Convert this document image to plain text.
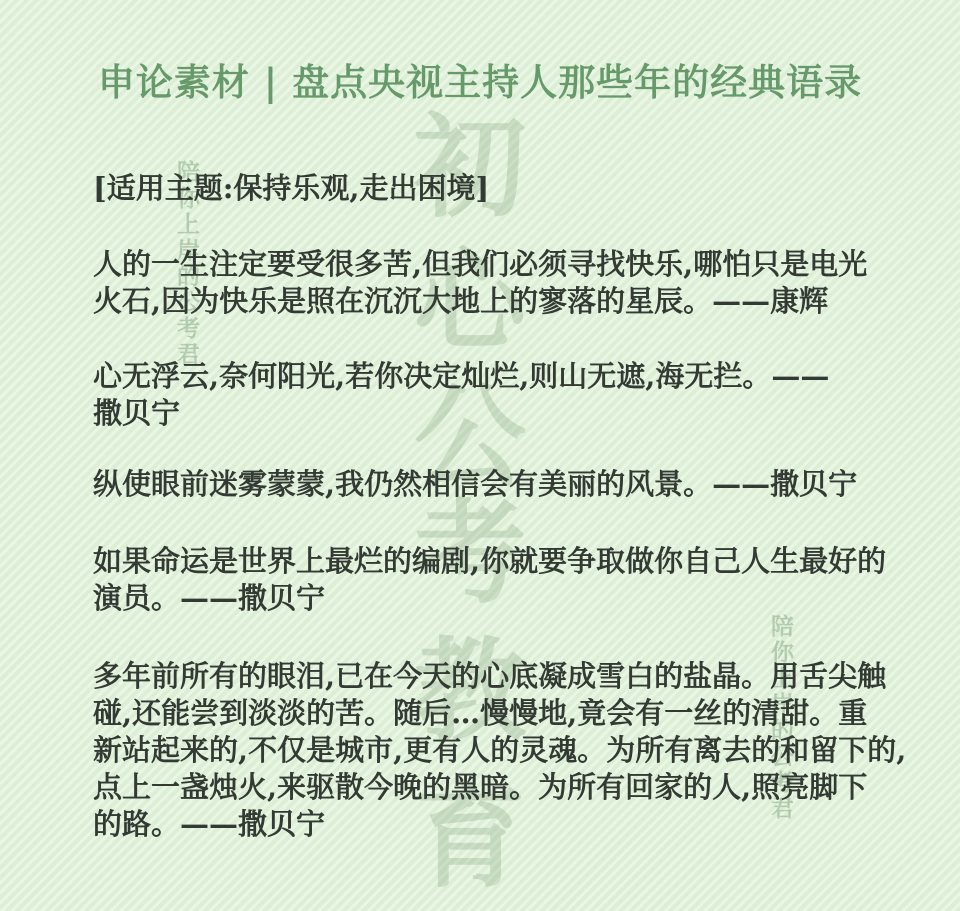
初
心
公
考
教
育
陪你上岸的公考君
陪你上岸的公考君
申论素材 | 盘点央视主持人那些年的经典语录
[适用主题:保持乐观,走出困境]
人的一生注定要受很多苦,但我们必须寻找快乐,哪怕只是电光
火石,因为快乐是照在沉沉大地上的寥落的星辰。——康辉
心无浮云,奈何阳光,若你决定灿烂,则山无遮,海无拦。——
撒贝宁
纵使眼前迷雾蒙蒙,我仍然相信会有美丽的风景。——撒贝宁
如果命运是世界上最烂的编剧,你就要争取做你自己人生最好的
演员。——撒贝宁
多年前所有的眼泪,已在今天的心底凝成雪白的盐晶。用舌尖触
碰,还能尝到淡淡的苦。随后…慢慢地,竟会有一丝的清甜。重
新站起来的,不仅是城市,更有人的灵魂。为所有离去的和留下的,
点上一盏烛火,来驱散今晚的黑暗。为所有回家的人,照亮脚下
的路。——撒贝宁
